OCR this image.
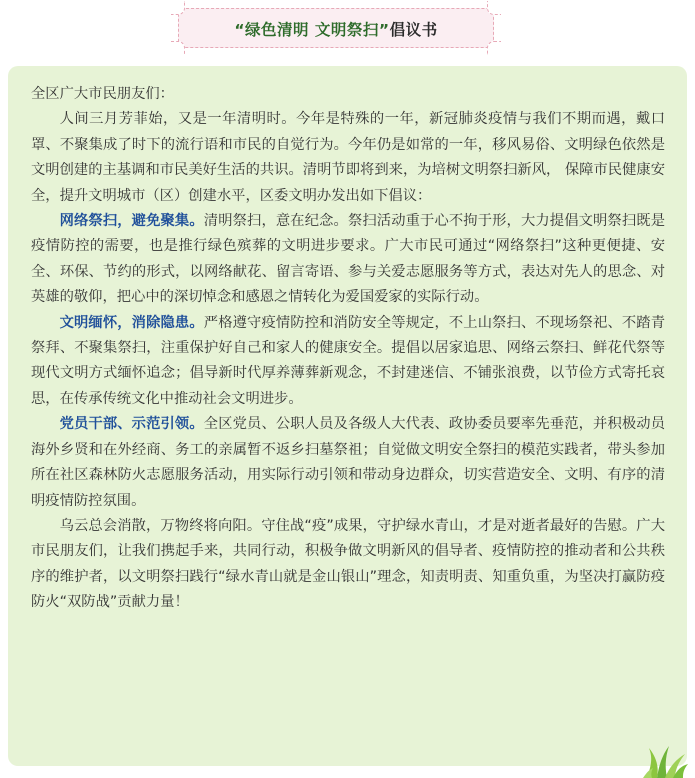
“绿色清明 文明祭扫”倡议书

全区广大市民朋友们：

人间三月芳菲始，又是一年清明时。今年是特殊的一年，新冠肺炎疫情与我们不期而遇，戴口罩、不聚集成了时下的流行语和市民的自觉行为。今年仍是如常的一年，移风易俗、文明绿色依然是文明创建的主基调和市民美好生活的共识。清明节即将到来，为培树文明祭扫新风， 保障市民健康安全，提升文明城市（区）创建水平，区委文明办发出如下倡议：

网络祭扫，避免聚集。清明祭扫，意在纪念。祭扫活动重于心不拘于形，大力提倡文明祭扫既是疫情防控的需要，也是推行绿色殡葬的文明进步要求。广大市民可通过“网络祭扫”这种更便捷、安全、环保、节约的形式，以网络献花、留言寄语、参与关爱志愿服务等方式，表达对先人的思念、对英雄的敬仰，把心中的深切悼念和感恩之情转化为爱国爱家的实际行动。

文明缅怀，消除隐患。严格遵守疫情防控和消防安全等规定，不上山祭扫、不现场祭祀、不踏青祭拜、不聚集祭扫，注重保护好自己和家人的健康安全。提倡以居家追思、网络云祭扫、鲜花代祭等现代文明方式缅怀追念；倡导新时代厚养薄葬新观念，不封建迷信、不铺张浪费，以节俭方式寄托哀思，在传承传统文化中推动社会文明进步。

党员干部、示范引领。全区党员、公职人员及各级人大代表、政协委员要率先垂范，并积极动员海外乡贤和在外经商、务工的亲属暂不返乡扫墓祭祖；自觉做文明安全祭扫的模范实践者，带头参加所在社区森林防火志愿服务活动，用实际行动引领和带动身边群众，切实营造安全、文明、有序的清明疫情防控氛围。

乌云总会消散，万物终将向阳。守住战“疫”成果，守护绿水青山，才是对逝者最好的告慰。广大市民朋友们，让我们携起手来，共同行动，积极争做文明新风的倡导者、疫情防控的推动者和公共秩序的维护者，以文明祭扫践行“绿水青山就是金山银山”理念，知责明责、知重负重，为坚决打赢防疫防火“双防战”贡献力量！
